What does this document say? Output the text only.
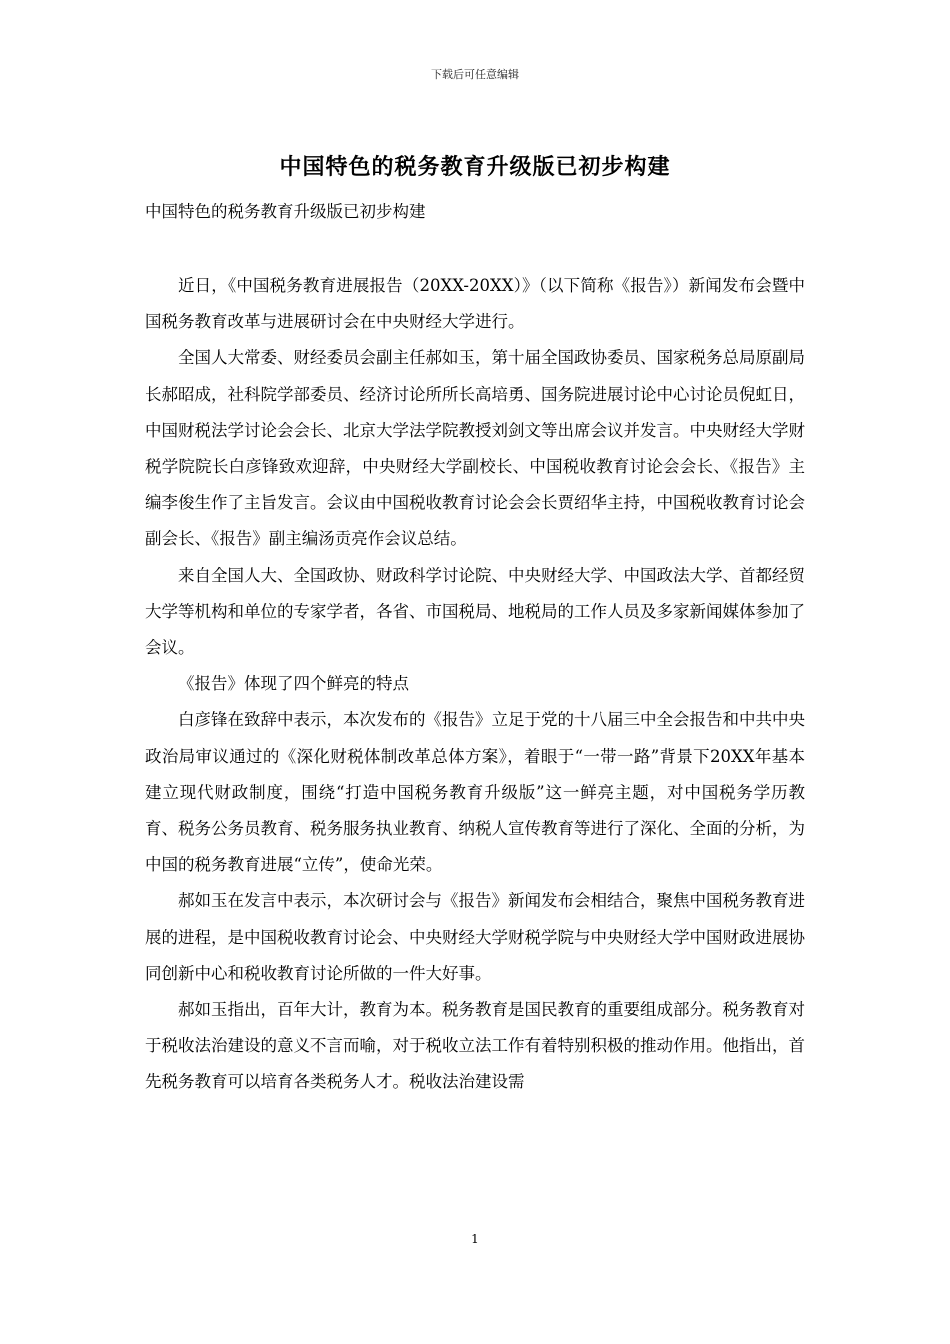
下载后可任意编辑
中国特色的税务教育升级版已初步构建
中国特色的税务教育升级版已初步构建

近日，《中国税务教育进展报告（20XX-20XX）》（以下简称《报告》）新闻发布会暨中国税务教育改革与进展研讨会在中央财经大学进行。

全国人大常委、财经委员会副主任郝如玉，第十届全国政协委员、国家税务总局原副局长郝昭成，社科院学部委员、经济讨论所所长高培勇、国务院进展讨论中心讨论员倪虹日，中国财税法学讨论会会长、北京大学法学院教授刘剑文等出席会议并发言。中央财经大学财税学院院长白彦锋致欢迎辞，中央财经大学副校长、中国税收教育讨论会会长、《报告》主编李俊生作了主旨发言。会议由中国税收教育讨论会会长贾绍华主持，中国税收教育讨论会副会长、《报告》副主编汤贡亮作会议总结。

来自全国人大、全国政协、财政科学讨论院、中央财经大学、中国政法大学、首都经贸大学等机构和单位的专家学者，各省、市国税局、地税局的工作人员及多家新闻媒体参加了会议。

《报告》体现了四个鲜亮的特点

白彦锋在致辞中表示，本次发布的《报告》立足于党的十八届三中全会报告和中共中央政治局审议通过的《深化财税体制改革总体方案》，着眼于“一带一路”背景下20XX年基本建立现代财政制度，围绕“打造中国税务教育升级版”这一鲜亮主题，对中国税务学历教育、税务公务员教育、税务服务执业教育、纳税人宣传教育等进行了深化、全面的分析，为中国的税务教育进展“立传”，使命光荣。

郝如玉在发言中表示，本次研讨会与《报告》新闻发布会相结合，聚焦中国税务教育进展的进程，是中国税收教育讨论会、中央财经大学财税学院与中央财经大学中国财政进展协同创新中心和税收教育讨论所做的一件大好事。

郝如玉指出，百年大计，教育为本。税务教育是国民教育的重要组成部分。税务教育对于税收法治建设的意义不言而喻，对于税收立法工作有着特别积极的推动作用。他指出，首先税务教育可以培育各类税务人才。税收法治建设需

1
